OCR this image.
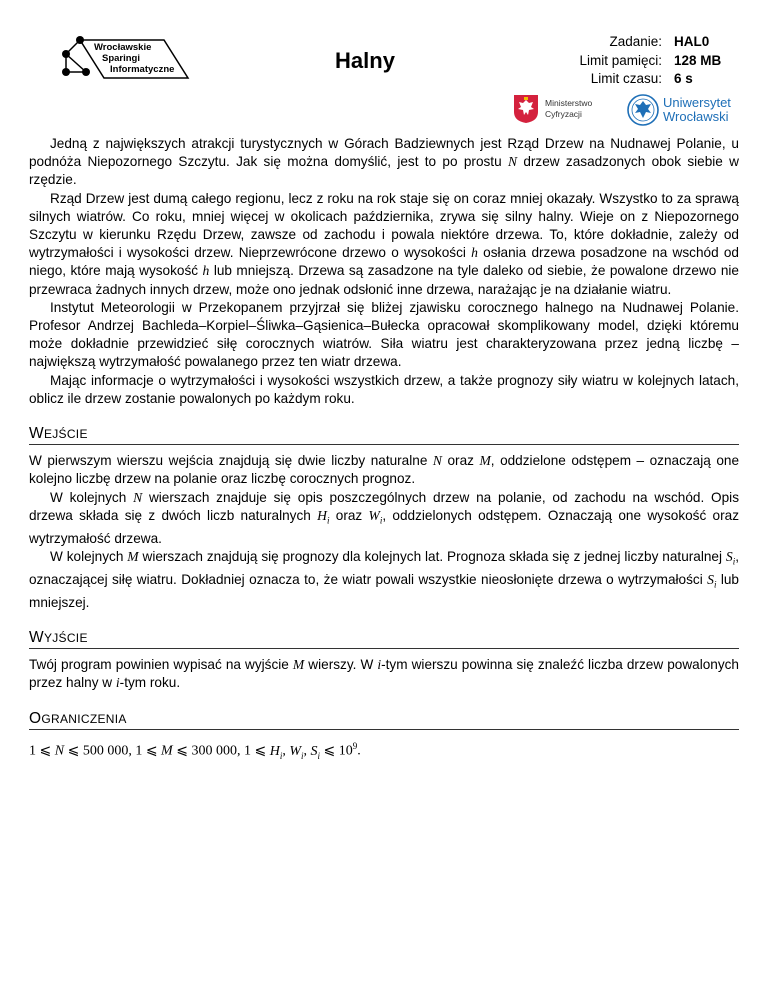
Wrocławskie
Sparingi
Informatyczne	Halny
Zadanie: HAL0
Limit pamięci: 128 MB
Limit czasu: 6 s
Ministerstwo
Cyfryzacji
Uniwersytet
Wrocławski

Jedną z największych atrakcji turystycznych w Górach Badziewnych jest Rząd Drzew na Nudnawej Polanie, u podnóża Niepozornego Szczytu. Jak się można domyślić, jest to po prostu N drzew zasadzonych obok siebie w rzędzie.

Rząd Drzew jest dumą całego regionu, lecz z roku na rok staje się on coraz mniej okazały. Wszystko to za sprawą silnych wiatrów. Co roku, mniej więcej w okolicach października, zrywa się silny halny. Wieje on z Niepozornego Szczytu w kierunku Rzędu Drzew, zawsze od zachodu i powala niektóre drzewa. To, które dokładnie, zależy od wytrzymałości i wysokości drzew. Nieprzewrócone drzewo o wysokości h osłania drzewa posadzone na wschód od niego, które mają wysokość h lub mniejszą. Drzewa są zasadzone na tyle daleko od siebie, że powalone drzewo nie przewraca żadnych innych drzew, może ono jednak odsłonić inne drzewa, narażając je na działanie wiatru.

Instytut Meteorologii w Przekopanem przyjrzał się bliżej zjawisku corocznego halnego na Nudnawej Polanie. Profesor Andrzej Bachleda–Korpiel–Śliwka–Gąsienica–Bułecka opracował skomplikowany model, dzięki któremu może dokładnie przewidzieć siłę corocznych wiatrów. Siła wiatru jest charakteryzowana przez jedną liczbę – największą wytrzymałość powalanego przez ten wiatr drzewa.

Mając informacje o wytrzymałości i wysokości wszystkich drzew, a także prognozy siły wiatru w kolejnych latach, oblicz ile drzew zostanie powalonych po każdym roku.

WEJŚCIE

W pierwszym wierszu wejścia znajdują się dwie liczby naturalne N oraz M, oddzielone odstępem – oznaczają one kolejno liczbę drzew na polanie oraz liczbę corocznych prognoz.

W kolejnych N wierszach znajduje się opis poszczególnych drzew na polanie, od zachodu na wschód. Opis drzewa składa się z dwóch liczb naturalnych $H_i$ oraz $W_i$, oddzielonych odstępem. Oznaczają one wysokość oraz wytrzymałość drzewa.

W kolejnych M wierszach znajdują się prognozy dla kolejnych lat. Prognoza składa się z jednej liczby naturalnej $S_i$, oznaczającej siłę wiatru. Dokładniej oznacza to, że wiatr powali wszystkie nieosłonięte drzewa o wytrzymałości $S_i$ lub mniejszej.

WYJŚCIE

Twój program powinien wypisać na wyjście M wierszy. W i-tym wierszu powinna się znaleźć liczba drzew powalonych przez halny w i-tym roku.

OGRANICZENIA
1 ⩽ N ⩽ 500 000, 1 ⩽ M ⩽ 300 000, 1 ⩽ $H_i$, $W_i$, $S_i$ ⩽ $10^9$.
